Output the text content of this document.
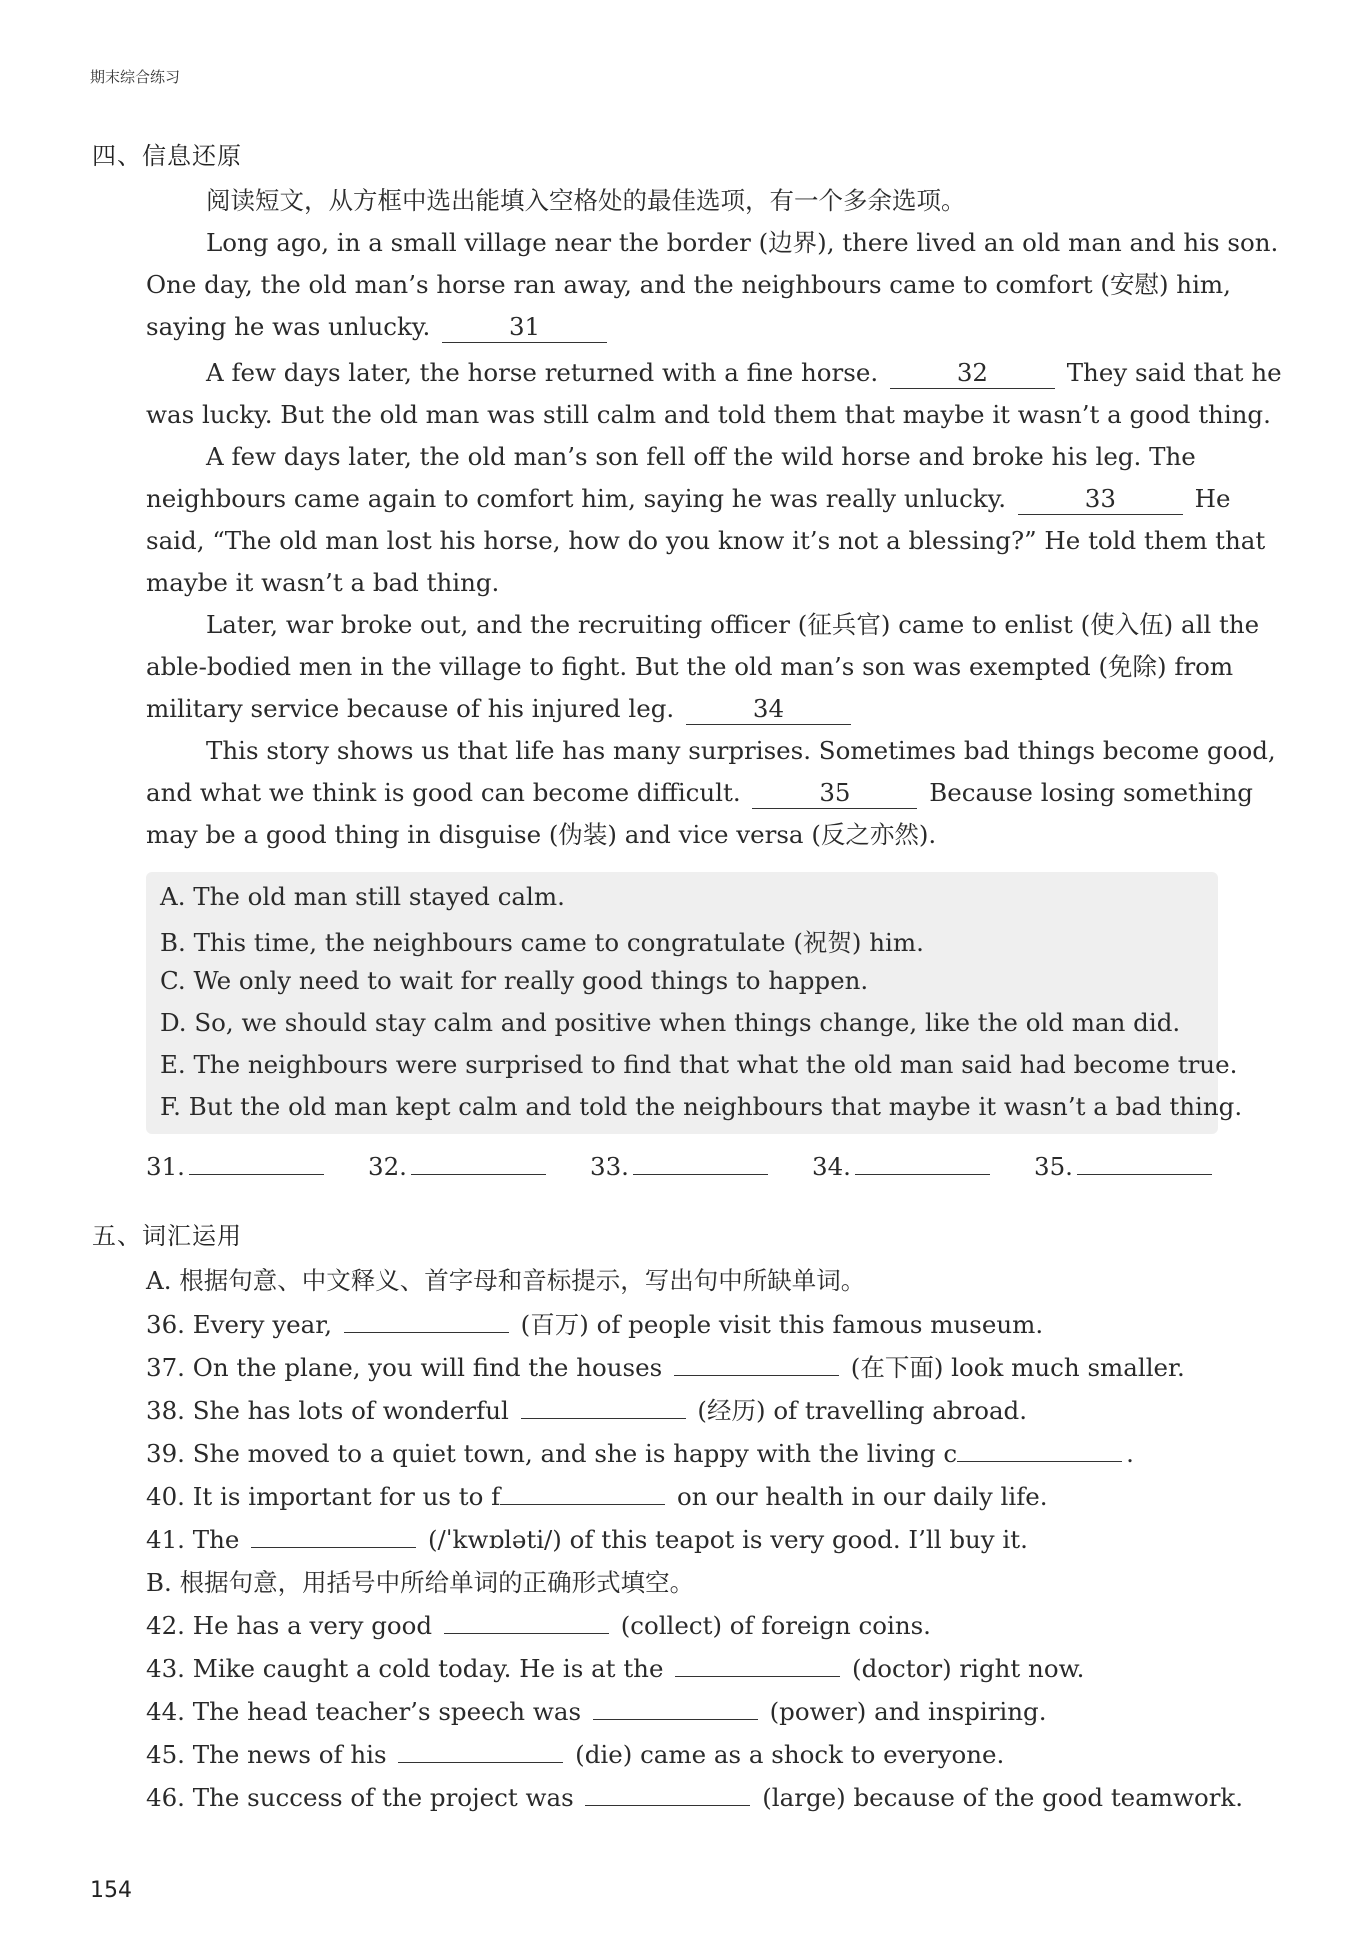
期末综合练习
四、信息还原
阅读短文，从方框中选出能填入空格处的最佳选项，有一个多余选项。
Long ago, in a small village near the border (边界), there lived an old man and his son.
One day, the old man’s horse ran away, and the neighbours came to comfort (安慰) him,
saying he was unlucky.	31
A few days later, the horse returned with a fine horse.	32	They said that he
was lucky. But the old man was still calm and told them that maybe it wasn’t a good thing.
A few days later, the old man’s son fell off the wild horse and broke his leg. The
neighbours came again to comfort him, saying he was really unlucky.	33	He
said, “The old man lost his horse, how do you know it’s not a blessing?” He told them that
maybe it wasn’t a bad thing.
Later, war broke out, and the recruiting officer (征兵官) came to enlist (使入伍) all the
able-bodied men in the village to fight. But the old man’s son was exempted (免除) from
military service because of his injured leg.	34
This story shows us that life has many surprises. Sometimes bad things become good,
and what we think is good can become difficult.	35	Because losing something
may be a good thing in disguise (伪装) and vice versa (反之亦然).
A. The old man still stayed calm.
B. This time, the neighbours came to congratulate (祝贺) him.
C. We only need to wait for really good things to happen.
D. So, we should stay calm and positive when things change, like the old man did.
E. The neighbours were surprised to find that what the old man said had become true.
F. But the old man kept calm and told the neighbours that maybe it wasn’t a bad thing.
31.	32.	33.	34.	35.
五、词汇运用
A. 根据句意、中文释义、首字母和音标提示，写出句中所缺单词。
36. Every year,	(百万) of people visit this famous museum.
37. On the plane, you will find the houses	(在下面) look much smaller.
38. She has lots of wonderful	(经历) of travelling abroad.
39. She moved to a quiet town, and she is happy with the living c	.
40. It is important for us to f	on our health in our daily life.
41. The	(/ˈkwɒləti/) of this teapot is very good. I’ll buy it.
B. 根据句意，用括号中所给单词的正确形式填空。
42. He has a very good	(collect) of foreign coins.
43. Mike caught a cold today. He is at the	(doctor) right now.
44. The head teacher’s speech was	(power) and inspiring.
45. The news of his	(die) came as a shock to everyone.
46. The success of the project was	(large) because of the good teamwork.
154
